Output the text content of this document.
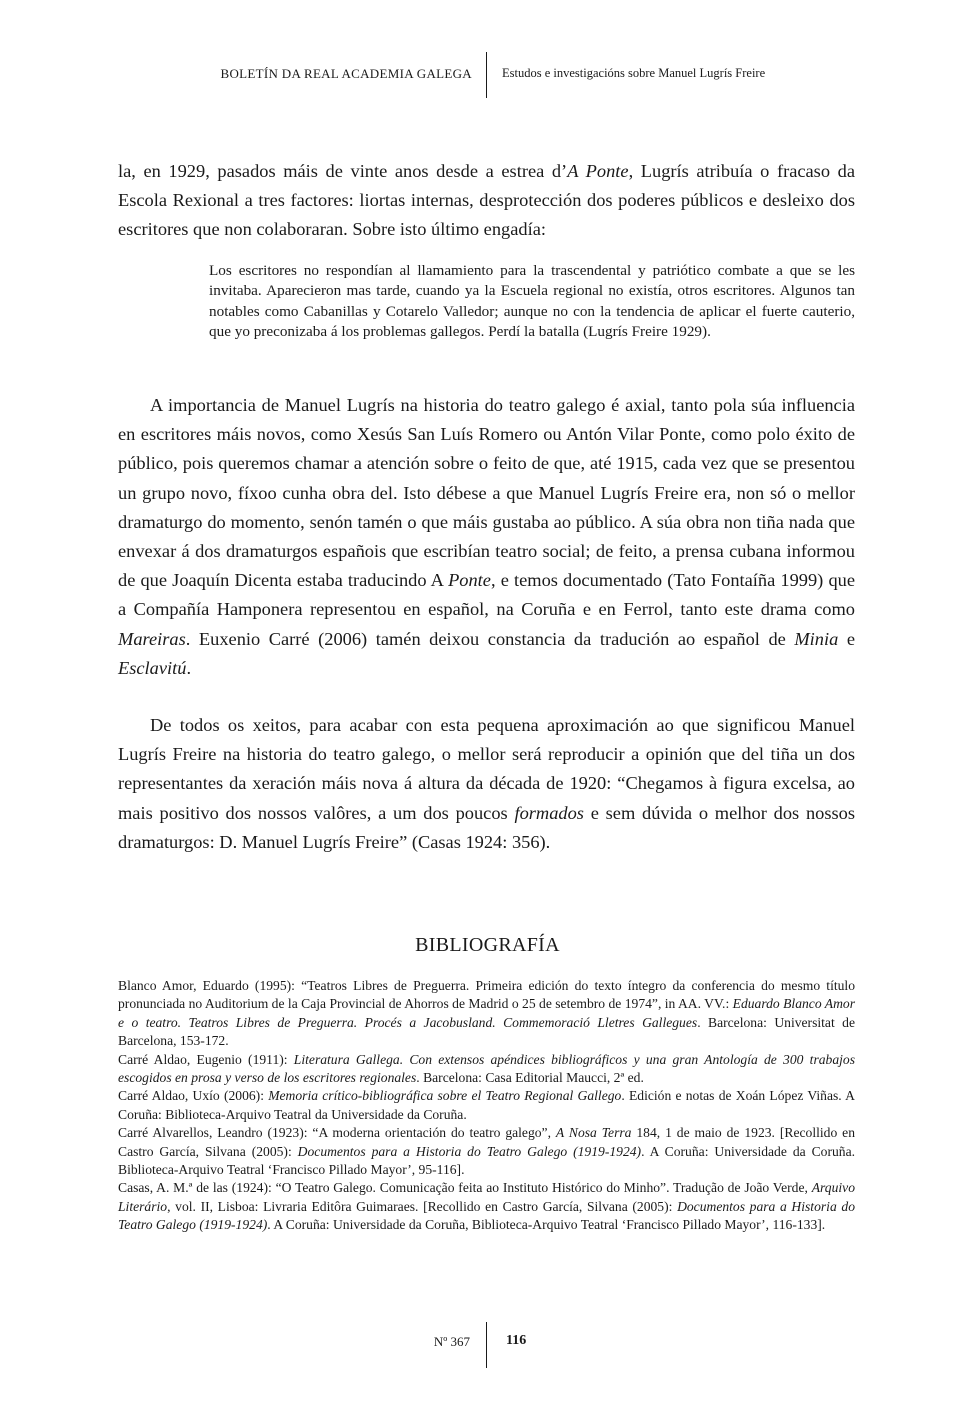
BOLETÍN DA REAL ACADEMIA GALEGA Estudos e investigacións sobre Manuel Lugrís Freire

la, en 1929, pasados máis de vinte anos desde a estrea d’A Ponte, Lugrís atribuía o fracaso da Escola Rexional a tres factores: liortas internas, desprotección dos poderes públicos e desleixo dos escritores que non colaboraran. Sobre isto último engadía:

Los escritores no respondían al llamamiento para la trascendental y patriótico combate a que se les invitaba. Aparecieron mas tarde, cuando ya la Escuela regional no existía, otros escritores. Algunos tan notables como Cabanillas y Cotarelo Valledor; aunque no con la tendencia de aplicar el fuerte cauterio, que yo preconizaba á los problemas gallegos. Perdí la batalla (Lugrís Freire 1929).

A importancia de Manuel Lugrís na historia do teatro galego é axial, tanto pola súa influencia en escritores máis novos, como Xesús San Luís Romero ou Antón Vilar Ponte, como polo éxito de público, pois queremos chamar a atención sobre o feito de que, até 1915, cada vez que se presentou un grupo novo, fíxoo cunha obra del. Isto débese a que Manuel Lugrís Freire era, non só o mellor dramaturgo do momento, senón tamén o que máis gustaba ao público. A súa obra non tiña nada que envexar á dos dramaturgos españois que escribían teatro social; de feito, a prensa cubana informou de que Joaquín Dicenta estaba traducindo A Ponte, e temos documentado (Tato Fontaíña 1999) que a Compañía Hamponera representou en español, na Coruña e en Ferrol, tanto este drama como Mareiras. Euxenio Carré (2006) tamén deixou constancia da tradución ao español de Minia e Esclavitú.

De todos os xeitos, para acabar con esta pequena aproximación ao que significou Manuel Lugrís Freire na historia do teatro galego, o mellor será reproducir a opinión que del tiña un dos representantes da xeración máis nova á altura da década de 1920: “Chegamos à figura excelsa, ao mais positivo dos nossos valôres, a um dos poucos formados e sem dúvida o melhor dos nossos dramaturgos: D. Manuel Lugrís Freire” (Casas 1924: 356).

BIBLIOGRAFÍA

Blanco Amor, Eduardo (1995): “Teatros Libres de Preguerra. Primeira edición do texto íntegro da conferencia do mesmo título pronunciada no Auditorium de la Caja Provincial de Ahorros de Madrid o 25 de setembro de 1974”, in AA. VV.: Eduardo Blanco Amor e o teatro. Teatros Libres de Preguerra. Procés a Jacobusland. Commemoració Lletres Gallegues. Barcelona: Universitat de Barcelona, 153-172.

Carré Aldao, Eugenio (1911): Literatura Gallega. Con extensos apéndices bibliográficos y una gran Antología de 300 trabajos escogidos en prosa y verso de los escritores regionales. Barcelona: Casa Editorial Maucci, 2ª ed.

Carré Aldao, Uxío (2006): Memoria crítico-bibliográfica sobre el Teatro Regional Gallego. Edición e notas de Xoán López Viñas. A Coruña: Biblioteca-Arquivo Teatral da Universidade da Coruña.

Carré Alvarellos, Leandro (1923): “A moderna orientación do teatro galego”, A Nosa Terra 184, 1 de maio de 1923. [Recollido en Castro García, Silvana (2005): Documentos para a Historia do Teatro Galego (1919-1924). A Coruña: Universidade da Coruña. Biblioteca-Arquivo Teatral ‘Francisco Pillado Mayor’, 95-116].

Casas, A. M.ª de las (1924): “O Teatro Galego. Comunicação feita ao Instituto Histórico do Minho”. Tradução de João Verde, Arquivo Literário, vol. II, Lisboa: Livraria Editôra Guimaraes. [Recollido en Castro García, Silvana (2005): Documentos para a Historia do Teatro Galego (1919-1924). A Coruña: Universidade da Coruña, Biblioteca-Arquivo Teatral ‘Francisco Pillado Mayor’, 116-133].

Nº 367	116
